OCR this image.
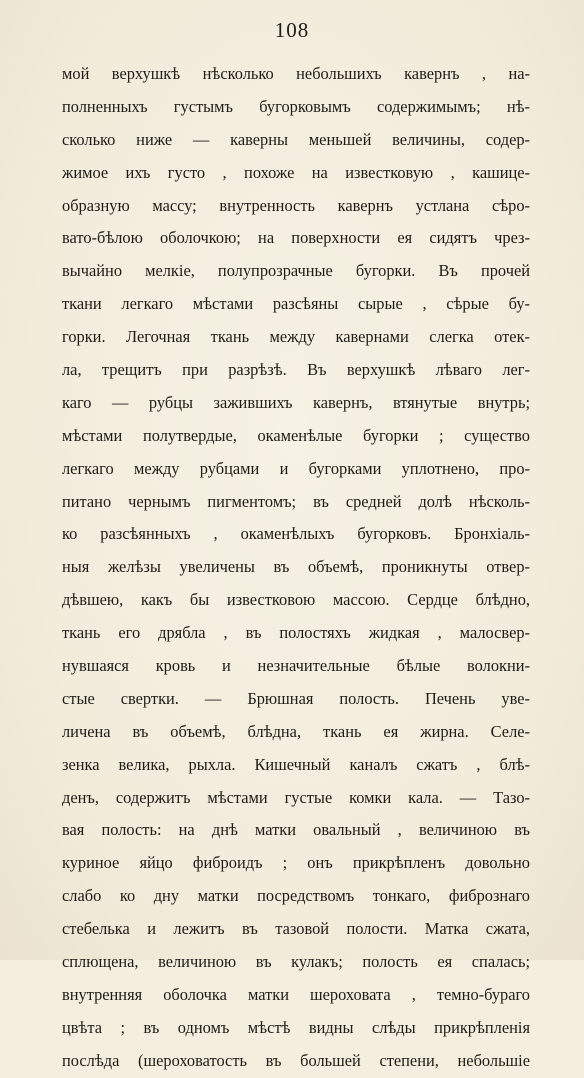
108
мой верхушкѣ нѣсколько небольшихъ кавернъ , на-
полненныхъ густымъ бугорковымъ содержимымъ; нѣ-
сколько ниже — каверны меньшей величины, содер-
жимое ихъ густо , похоже на известковую , кашице-
образную массу; внутренность кавернъ устлана сѣро-
вато-бѣлою оболочкою; на поверхности ея сидятъ чрез-
вычайно мелкіе, полупрозрачные бугорки. Въ прочей
ткани легкаго мѣстами разсѣяны сырые , сѣрые бу-
горки. Легочная ткань между кавернами слегка отек-
ла, трещитъ при разрѣзѣ. Въ верхушкѣ лѣваго лег-
каго — рубцы зажившихъ кавернъ, втянутые внутрь;
мѣстами полутвердые, окаменѣлые бугорки ; существо
легкаго между рубцами и бугорками уплотнено, про-
питано чернымъ пигментомъ; въ средней долѣ нѣсколь-
ко разсѣянныхъ , окаменѣлыхъ бугорковъ. Бронхіаль-
ныя желѣзы увеличены въ объемѣ, проникнуты отвер-
дѣвшею, какъ бы известковою массою. Сердце блѣдно,
ткань его дрябла , въ полостяхъ жидкая , малосвер-
нувшаяся кровь и незначительные бѣлые волокни-
стые свертки. — Брюшная полость. Печень уве-
личена въ объемѣ, блѣдна, ткань ея жирна. Селе-
зенка велика, рыхла. Кишечный каналъ сжатъ , блѣ-
денъ, содержитъ мѣстами густые комки кала. — Тазо-
вая полость: на днѣ матки овальный , величиною въ
куриное яйцо фиброидъ ; онъ прикрѣпленъ довольно
слабо ко дну матки посредствомъ тонкаго, фибрознаго
стебелька и лежитъ въ тазовой полости. Матка сжата,
сплющена, величиною въ кулакъ; полость ея спалась;
внутренняя оболочка матки шероховата , темно-бураго
цвѣта ; въ одномъ мѣстѣ видны слѣды прикрѣпленія
послѣда (шероховатость въ большей степени, небольшіе
